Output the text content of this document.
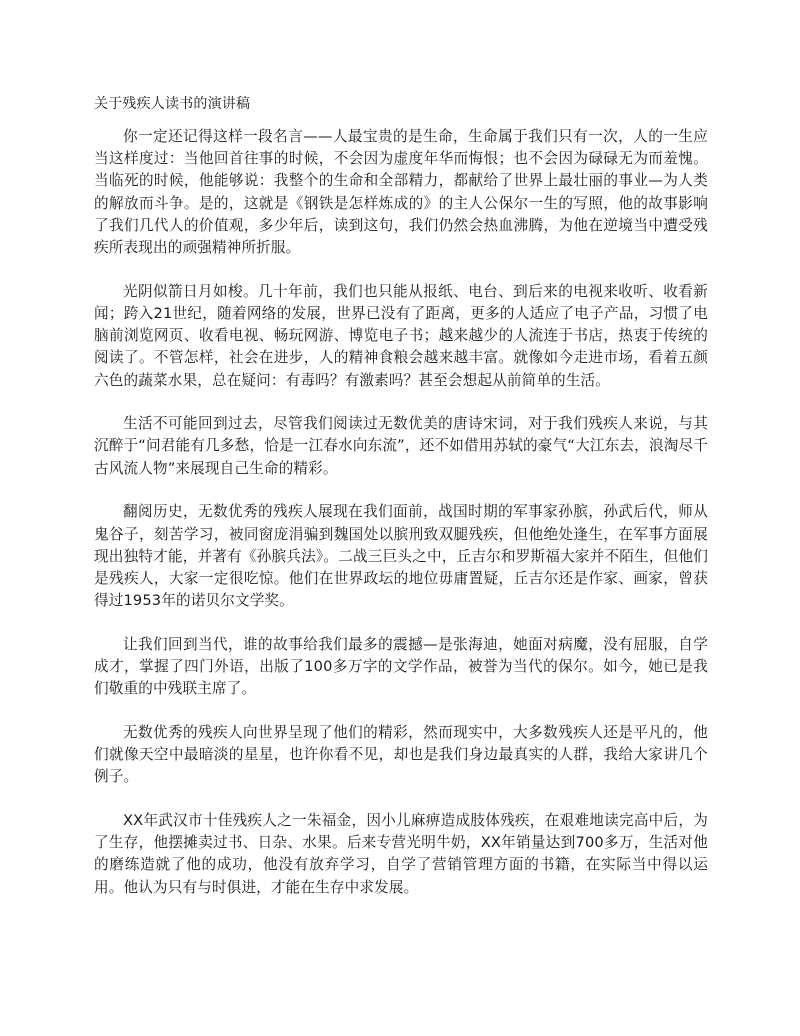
关于残疾人读书的演讲稿

你一定还记得这样一段名言——人最宝贵的是生命，生命属于我们只有一次，人的一生应当这样度过：当他回首往事的时候，不会因为虚度年华而悔恨；也不会因为碌碌无为而羞愧。当临死的时候，他能够说：我整个的生命和全部精力，都献给了世界上最壮丽的事业—为人类的解放而斗争。是的，这就是《钢铁是怎样炼成的》的主人公保尔一生的写照，他的故事影响了我们几代人的价值观，多少年后，读到这句，我们仍然会热血沸腾，为他在逆境当中遭受残疾所表现出的顽强精神所折服。

光阴似箭日月如梭。几十年前，我们也只能从报纸、电台、到后来的电视来收听、收看新闻；跨入21世纪，随着网络的发展，世界已没有了距离，更多的人适应了电子产品，习惯了电脑前浏览网页、收看电视、畅玩网游、博览电子书；越来越少的人流连于书店，热衷于传统的阅读了。不管怎样，社会在进步，人的精神食粮会越来越丰富。就像如今走进市场，看着五颜六色的蔬菜水果，总在疑问：有毒吗？有激素吗？甚至会想起从前简单的生活。

生活不可能回到过去，尽管我们阅读过无数优美的唐诗宋词，对于我们残疾人来说，与其沉醉于“问君能有几多愁，恰是一江春水向东流”，还不如借用苏轼的豪气“大江东去，浪淘尽千古风流人物”来展现自己生命的精彩。

翻阅历史，无数优秀的残疾人展现在我们面前，战国时期的军事家孙膑，孙武后代，师从鬼谷子，刻苦学习，被同窗庞涓骗到魏国处以膑刑致双腿残疾，但他绝处逢生，在军事方面展现出独特才能，并著有《孙膑兵法》。二战三巨头之中，丘吉尔和罗斯福大家并不陌生，但他们是残疾人，大家一定很吃惊。他们在世界政坛的地位毋庸置疑，丘吉尔还是作家、画家，曾获得过1953年的诺贝尔文学奖。

让我们回到当代，谁的故事给我们最多的震撼—是张海迪，她面对病魔，没有屈服，自学成才，掌握了四门外语，出版了100多万字的文学作品，被誉为当代的保尔。如今，她已是我们敬重的中残联主席了。

无数优秀的残疾人向世界呈现了他们的精彩，然而现实中，大多数残疾人还是平凡的，他们就像天空中最暗淡的星星，也许你看不见，却也是我们身边最真实的人群，我给大家讲几个例子。

XX年武汉市十佳残疾人之一朱福金，因小儿麻痹造成肢体残疾，在艰难地读完高中后，为了生存，他摆摊卖过书、日杂、水果。后来专营光明牛奶，XX年销量达到700多万，生活对他的磨练造就了他的成功，他没有放弃学习，自学了营销管理方面的书籍，在实际当中得以运用。他认为只有与时俱进，才能在生存中求发展。
